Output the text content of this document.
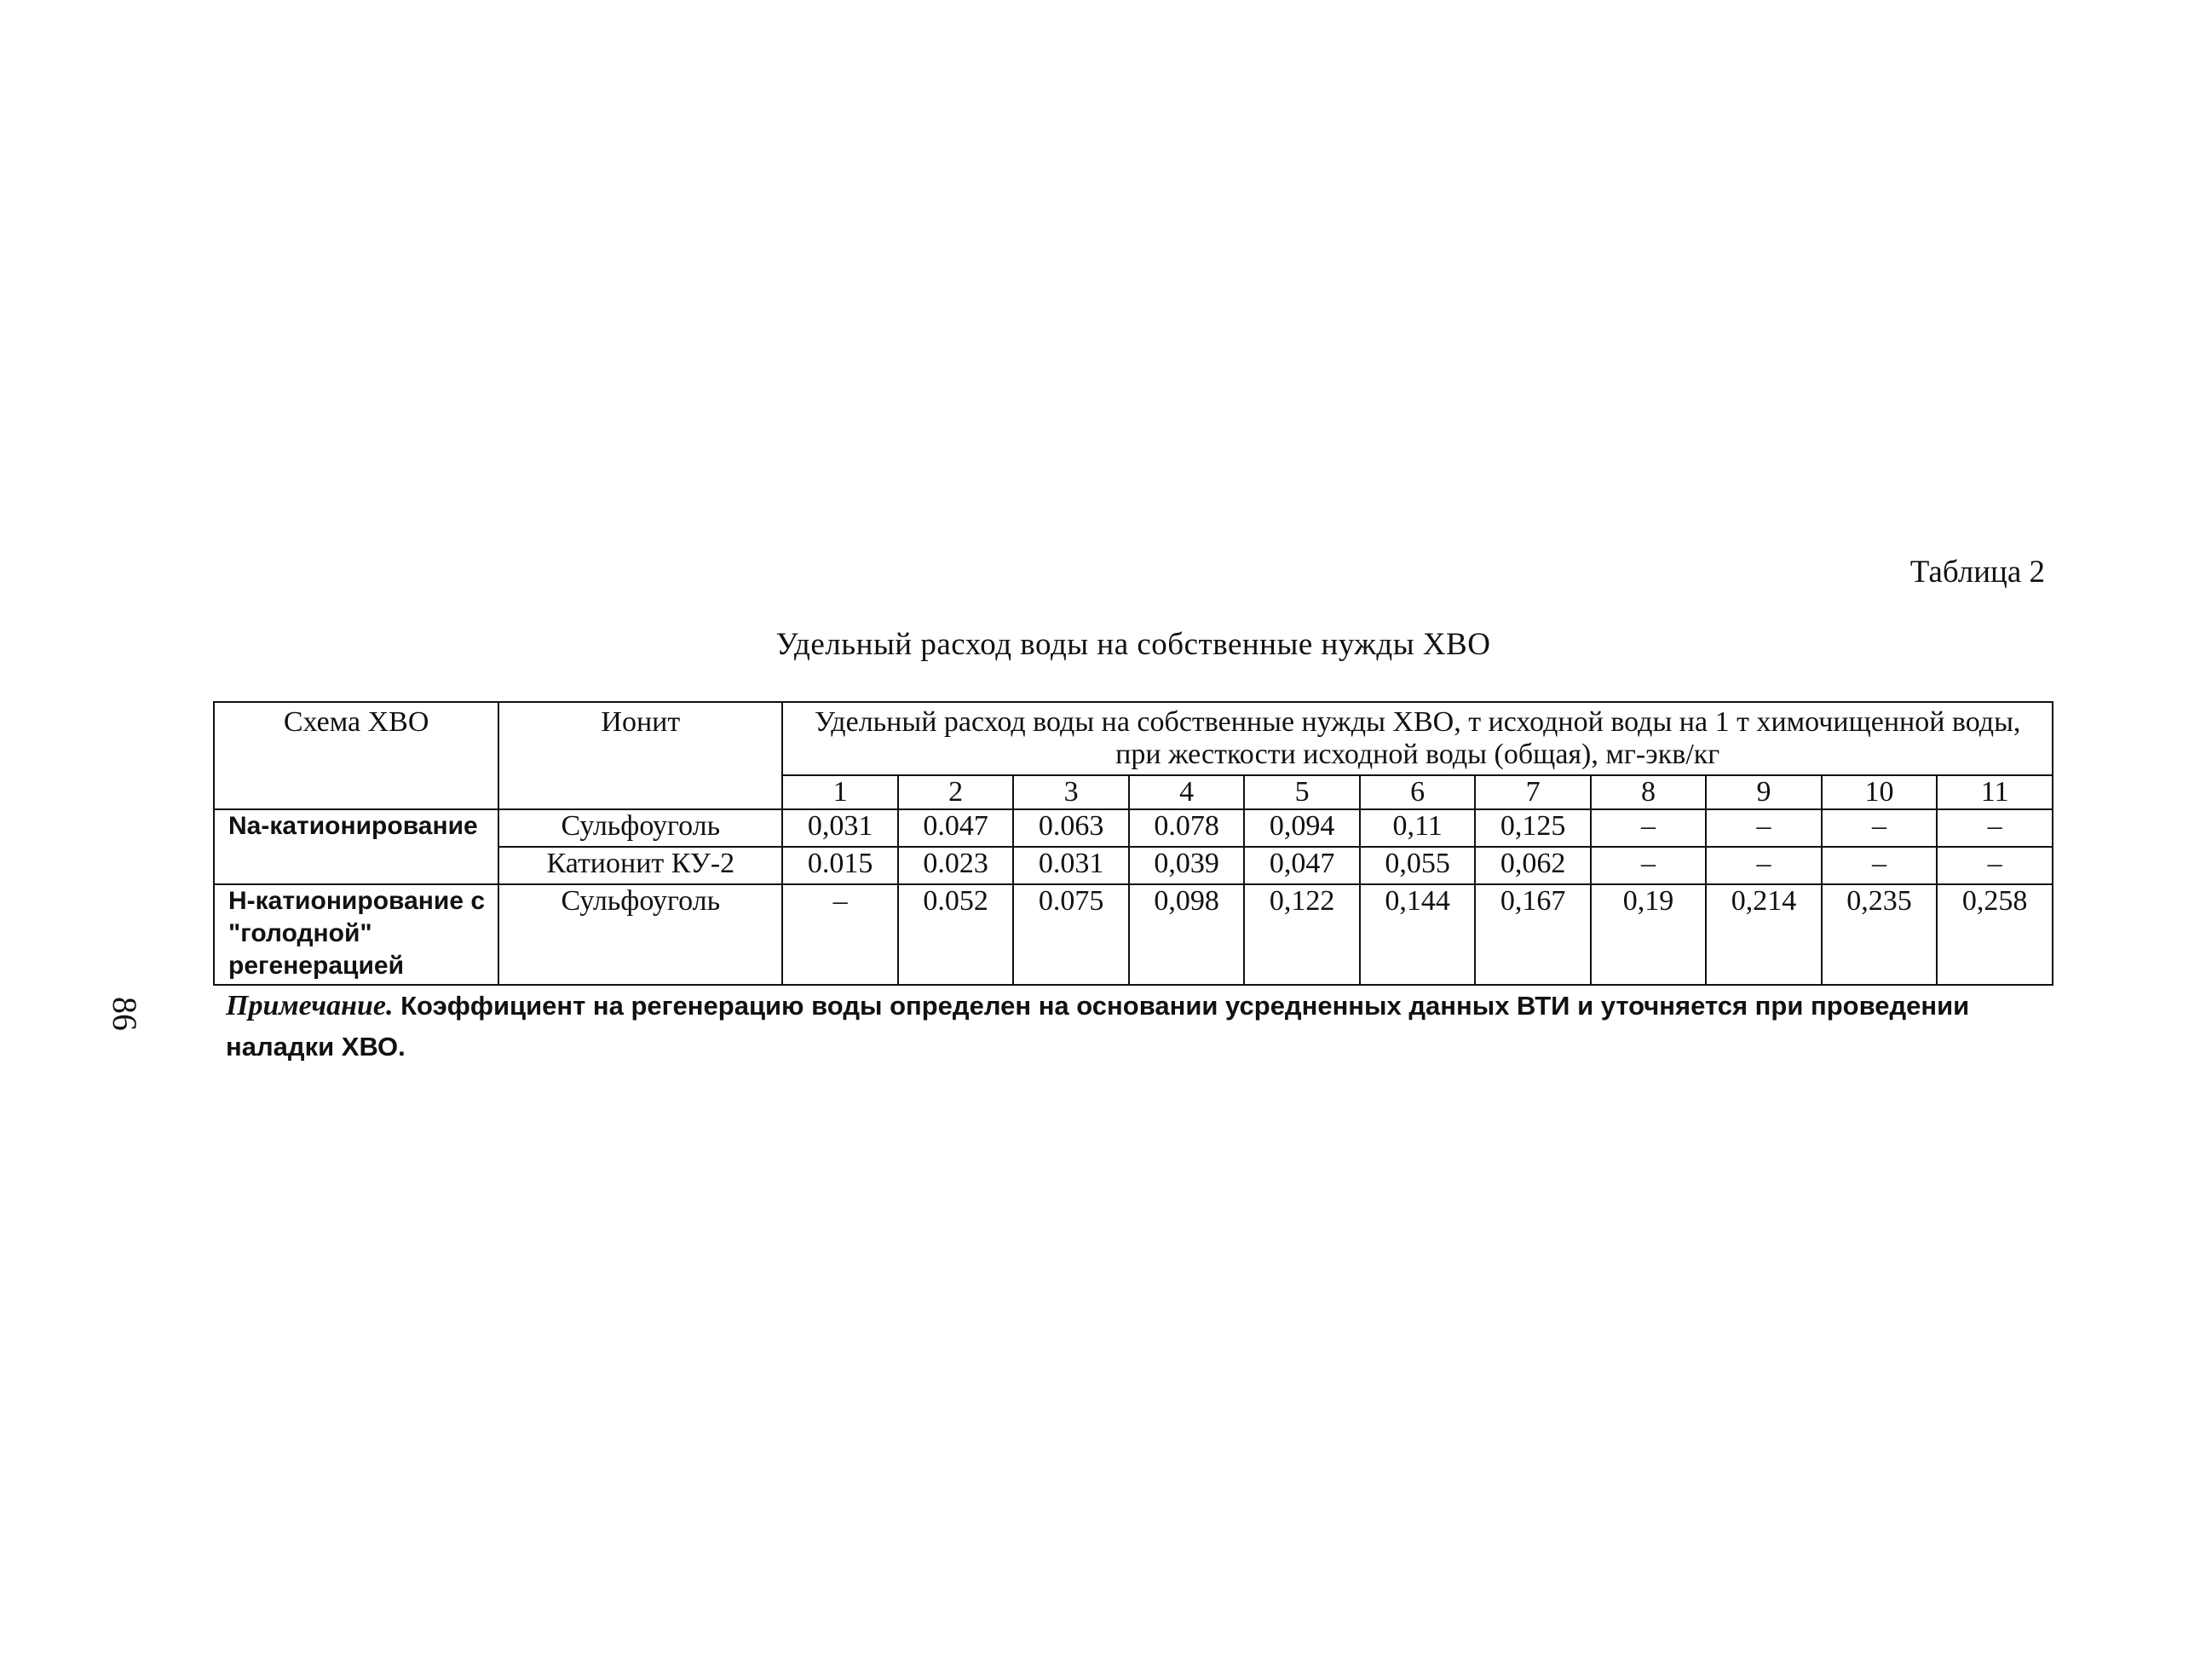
86
Таблица 2
Удельный расход воды на собственные нужды ХВО
Схема ХВО	Ионит	Удельный расход воды на собственные нужды ХВО, т исходной воды на 1 т химочищенной воды, при жесткости исходной воды (общая), мг-экв/кг										
		1	2	3	4	5	6	7	8	9	10	11
Na-катионирование	Сульфоуголь	0,031	0.047	0.063	0.078	0,094	0,11	0,125	–	–	–	–
	Катионит КУ-2	0.015	0.023	0.031	0,039	0,047	0,055	0,062	–	–	–	–
Н-катионирование с "голодной" регенерацией	Сульфоуголь	–	0.052	0.075	0,098	0,122	0,144	0,167	0,19	0,214	0,235	0,258
Примечание. Коэффициент на регенерацию воды определен на основании усредненных данных ВТИ и уточняется при проведении наладки ХВО.
